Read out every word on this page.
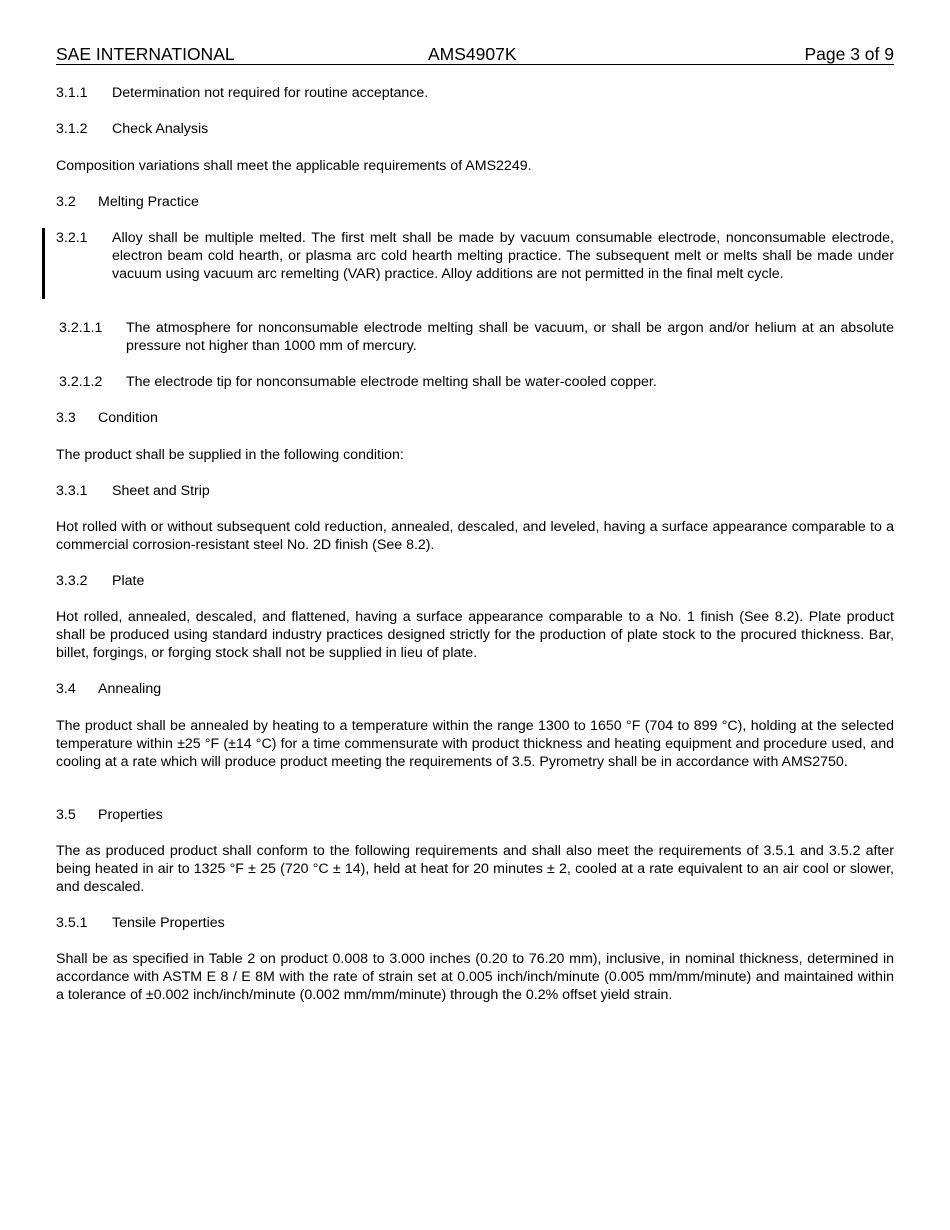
SAE INTERNATIONAL	AMS4907K	Page 3 of 9
3.1.1 Determination not required for routine acceptance.
3.1.2 Check Analysis
Composition variations shall meet the applicable requirements of AMS2249.
3.2 Melting Practice
3.2.1 Alloy shall be multiple melted. The first melt shall be made by vacuum consumable electrode, nonconsumable electrode, electron beam cold hearth, or plasma arc cold hearth melting practice. The subsequent melt or melts shall be made under vacuum using vacuum arc remelting (VAR) practice. Alloy additions are not permitted in the final melt cycle.
3.2.1.1 The atmosphere for nonconsumable electrode melting shall be vacuum, or shall be argon and/or helium at an absolute pressure not higher than 1000 mm of mercury.
3.2.1.2 The electrode tip for nonconsumable electrode melting shall be water-cooled copper.
3.3 Condition
The product shall be supplied in the following condition:
3.3.1 Sheet and Strip
Hot rolled with or without subsequent cold reduction, annealed, descaled, and leveled, having a surface appearance comparable to a commercial corrosion-resistant steel No. 2D finish (See 8.2).
3.3.2 Plate
Hot rolled, annealed, descaled, and flattened, having a surface appearance comparable to a No. 1 finish (See 8.2). Plate product shall be produced using standard industry practices designed strictly for the production of plate stock to the procured thickness. Bar, billet, forgings, or forging stock shall not be supplied in lieu of plate.
3.4 Annealing
The product shall be annealed by heating to a temperature within the range 1300 to 1650 °F (704 to 899 °C), holding at the selected temperature within ±25 °F (±14 °C) for a time commensurate with product thickness and heating equipment and procedure used, and cooling at a rate which will produce product meeting the requirements of 3.5. Pyrometry shall be in accordance with AMS2750.
3.5 Properties
The as produced product shall conform to the following requirements and shall also meet the requirements of 3.5.1 and 3.5.2 after being heated in air to 1325 °F ± 25 (720 °C ± 14), held at heat for 20 minutes ± 2, cooled at a rate equivalent to an air cool or slower, and descaled.
3.5.1 Tensile Properties
Shall be as specified in Table 2 on product 0.008 to 3.000 inches (0.20 to 76.20 mm), inclusive, in nominal thickness, determined in accordance with ASTM E 8 / E 8M with the rate of strain set at 0.005 inch/inch/minute (0.005 mm/mm/minute) and maintained within a tolerance of ±0.002 inch/inch/minute (0.002 mm/mm/minute) through the 0.2% offset yield strain.
